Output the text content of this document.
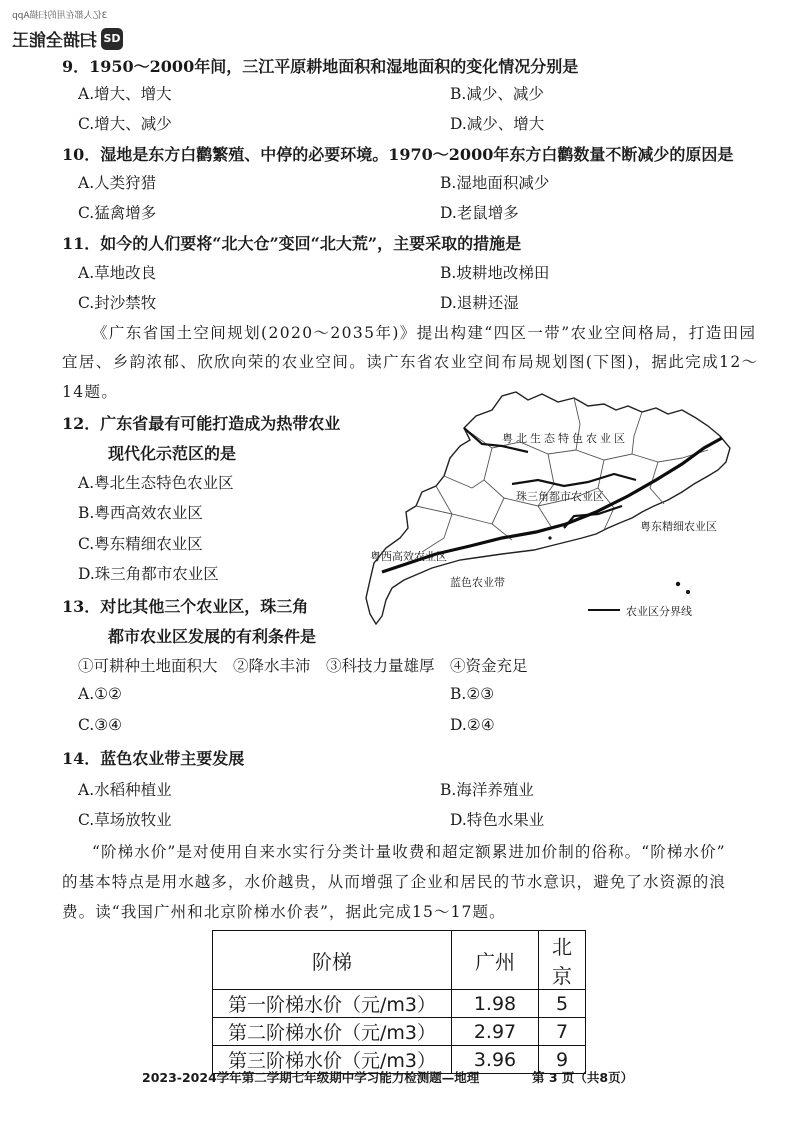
3亿人都在用的扫描App
扫描全能王 SD
9．1950～2000年间，三江平原耕地面积和湿地面积的变化情况分别是
A.增大、增大	B.减少、减少
C.增大、减少	D.减少、增大
10．湿地是东方白鹳繁殖、中停的必要环境。1970～2000年东方白鹳数量不断减少的原因是
A.人类狩猎	B.湿地面积减少
C.猛禽增多	D.老鼠增多
11．如今的人们要将“北大仓”变回“北大荒”，主要采取的措施是
A.草地改良	B.坡耕地改梯田
C.封沙禁牧	D.退耕还湿
《广东省国土空间规划(2020～2035年)》提出构建“四区一带”农业空间格局，打造田园
宜居、乡韵浓郁、欣欣向荣的农业空间。读广东省农业空间布局规划图(下图)，据此完成12～
14题。
12．广东省最有可能打造成为热带农业
现代化示范区的是
A.粤北生态特色农业区
B.粤西高效农业区
C.粤东精细农业区
D.珠三角都市农业区
粤北生态特色农业区
珠三角都市农业区
粤东精细农业区
粤西高效农业区
蓝色农业带
农业区分界线
13．对比其他三个农业区，珠三角
都市农业区发展的有利条件是
①可耕种土地面积大　②降水丰沛　③科技力量雄厚　④资金充足
A.①②	B.②③
C.③④	D.②④
14．蓝色农业带主要发展
A.水稻种植业	B.海洋养殖业
C.草场放牧业	D.特色水果业
“阶梯水价”是对使用自来水实行分类计量收费和超定额累进加价制的俗称。“阶梯水价”
的基本特点是用水越多，水价越贵，从而增强了企业和居民的节水意识，避免了水资源的浪
费。读“我国广州和北京阶梯水价表”，据此完成15～17题。
阶梯	广州	北京
第一阶梯水价（元/m3）	1.98	5
第二阶梯水价（元/m3）	2.97	7
第三阶梯水价（元/m3）	3.96	9
2023-2024学年第二学期七年级期中学习能力检测题—地理	第 3 页（共8页）
